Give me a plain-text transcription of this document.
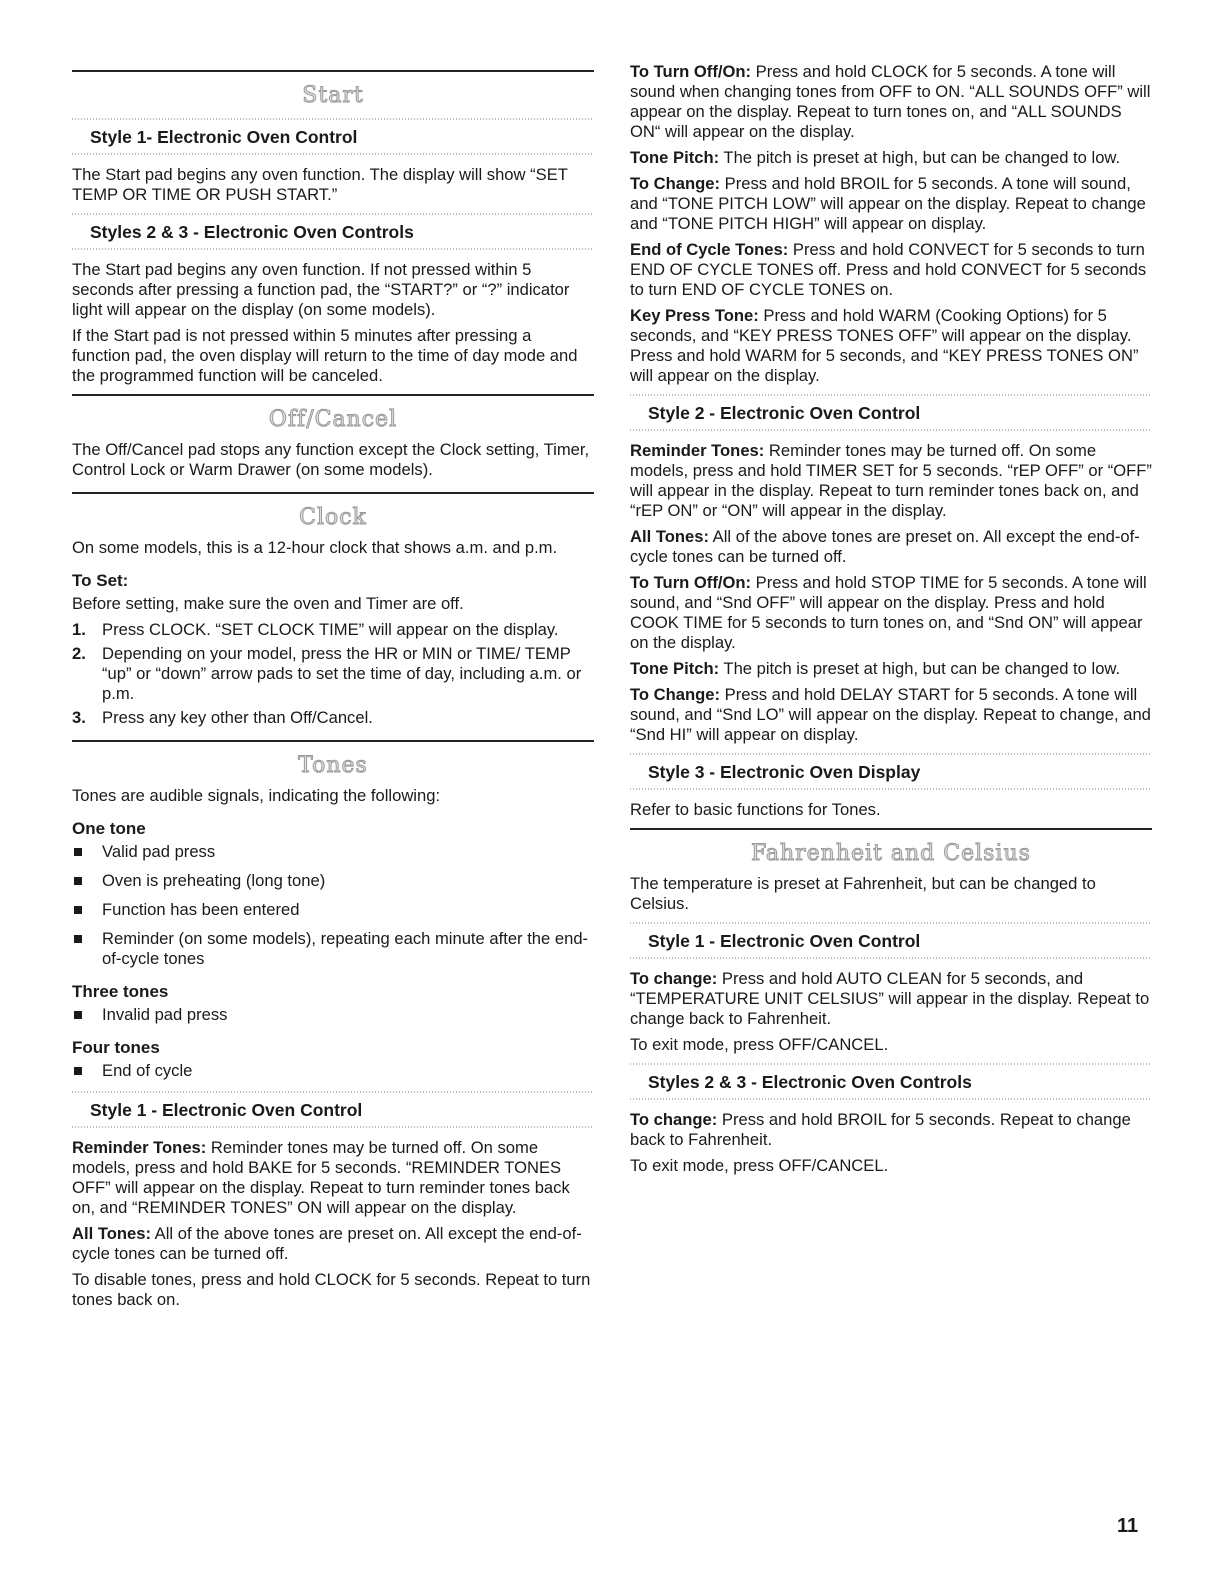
Start
Style 1- Electronic Oven Control

The Start pad begins any oven function. The display will show “SET TEMP OR TIME OR PUSH START.”

Styles 2 & 3 - Electronic Oven Controls

The Start pad begins any oven function. If not pressed within 5 seconds after pressing a function pad, the “START?” or “?” indicator light will appear on the display (on some models).

If the Start pad is not pressed within 5 minutes after pressing a function pad, the oven display will return to the time of day mode and the programmed function will be canceled.

Off/Cancel

The Off/Cancel pad stops any function except the Clock setting, Timer, Control Lock or Warm Drawer (on some models).

Clock

On some models, this is a 12-hour clock that shows a.m. and p.m.

To Set:

Before setting, make sure the oven and Timer are off.

1. Press CLOCK. “SET CLOCK TIME” will appear on the display.
2. Depending on your model, press the HR or MIN or TIME/ TEMP “up” or “down” arrow pads to set the time of day, including a.m. or p.m.
3. Press any key other than Off/Cancel.
Tones

Tones are audible signals, indicating the following:

One tone
Valid pad press
Oven is preheating (long tone)
Function has been entered
Reminder (on some models), repeating each minute after the end-of-cycle tones
Three tones
Invalid pad press
Four tones
End of cycle
Style 1 - Electronic Oven Control

Reminder Tones: Reminder tones may be turned off. On some models, press and hold BAKE for 5 seconds. “REMINDER TONES OFF” will appear on the display. Repeat to turn reminder tones back on, and “REMINDER TONES” ON will appear on the display.

All Tones: All of the above tones are preset on. All except the end-of-cycle tones can be turned off.

To disable tones, press and hold CLOCK for 5 seconds. Repeat to turn tones back on.

To Turn Off/On: Press and hold CLOCK for 5 seconds. A tone will sound when changing tones from OFF to ON. “ALL SOUNDS OFF” will appear on the display. Repeat to turn tones on, and “ALL SOUNDS ON“ will appear on the display.

Tone Pitch: The pitch is preset at high, but can be changed to low.

To Change: Press and hold BROIL for 5 seconds. A tone will sound, and “TONE PITCH LOW” will appear on the display. Repeat to change and “TONE PITCH HIGH” will appear on display.

End of Cycle Tones: Press and hold CONVECT for 5 seconds to turn END OF CYCLE TONES off. Press and hold CONVECT for 5 seconds to turn END OF CYCLE TONES on.

Key Press Tone: Press and hold WARM (Cooking Options) for 5 seconds, and “KEY PRESS TONES OFF” will appear on the display. Press and hold WARM for 5 seconds, and “KEY PRESS TONES ON” will appear on the display.

Style 2 - Electronic Oven Control

Reminder Tones: Reminder tones may be turned off. On some models, press and hold TIMER SET for 5 seconds. “rEP OFF” or “OFF” will appear in the display. Repeat to turn reminder tones back on, and “rEP ON” or “ON” will appear in the display.

All Tones: All of the above tones are preset on. All except the end-of-cycle tones can be turned off.

To Turn Off/On: Press and hold STOP TIME for 5 seconds. A tone will sound, and “Snd OFF” will appear on the display. Press and hold COOK TIME for 5 seconds to turn tones on, and “Snd ON” will appear on the display.

Tone Pitch: The pitch is preset at high, but can be changed to low.

To Change: Press and hold DELAY START for 5 seconds. A tone will sound, and “Snd LO” will appear on the display. Repeat to change, and “Snd HI” will appear on display.

Style 3 - Electronic Oven Display

Refer to basic functions for Tones.

Fahrenheit and Celsius

The temperature is preset at Fahrenheit, but can be changed to Celsius.

Style 1 - Electronic Oven Control

To change: Press and hold AUTO CLEAN for 5 seconds, and “TEMPERATURE UNIT CELSIUS” will appear in the display. Repeat to change back to Fahrenheit.

To exit mode, press OFF/CANCEL.

Styles 2 & 3 - Electronic Oven Controls

To change: Press and hold BROIL for 5 seconds. Repeat to change back to Fahrenheit.

To exit mode, press OFF/CANCEL.

11
